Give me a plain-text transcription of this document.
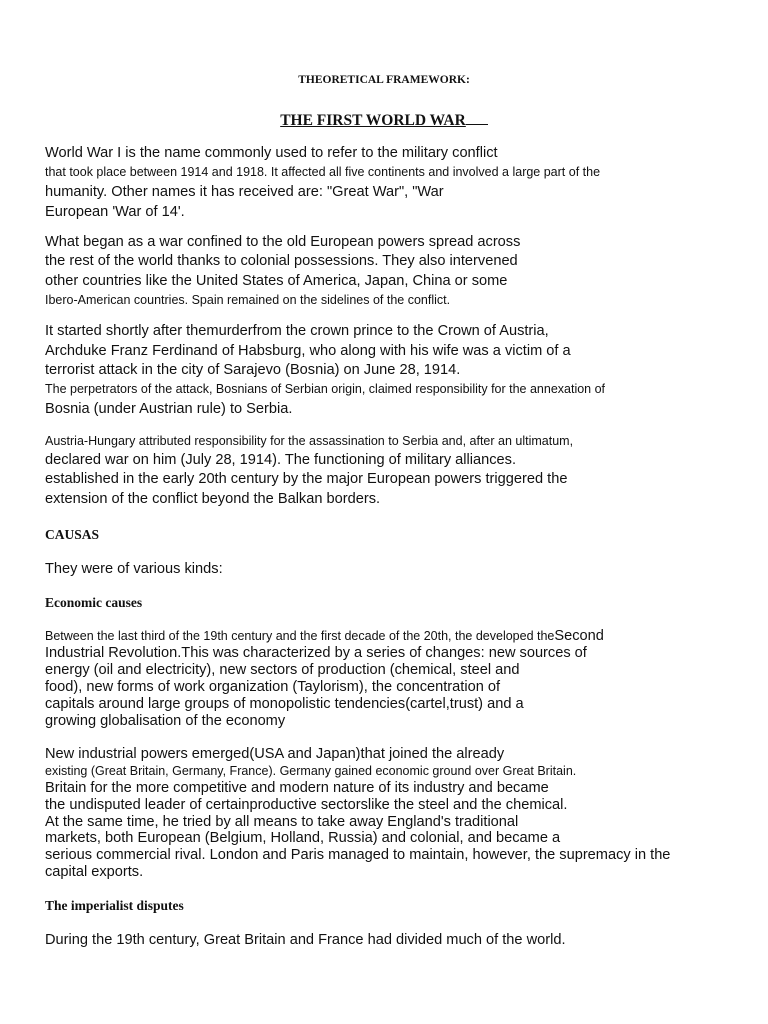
THEORETICAL FRAMEWORK:
THE FIRST WORLD WAR
World War I is the name commonly used to refer to the military conflict
that took place between 1914 and 1918. It affected all five continents and involved a large part of the
humanity. Other names it has received are: "Great War", "War
European 'War of 14'.
What began as a war confined to the old European powers spread across
the rest of the world thanks to colonial possessions. They also intervened
other countries like the United States of America, Japan, China or some
Ibero-American countries. Spain remained on the sidelines of the conflict.
It started shortly after themurderfrom the crown prince to the Crown of Austria,
Archduke Franz Ferdinand of Habsburg, who along with his wife was a victim of a
terrorist attack in the city of Sarajevo (Bosnia) on June 28, 1914.
The perpetrators of the attack, Bosnians of Serbian origin, claimed responsibility for the annexation of
Bosnia (under Austrian rule) to Serbia.
Austria-Hungary attributed responsibility for the assassination to Serbia and, after an ultimatum,
declared war on him (July 28, 1914). The functioning of military alliances.
established in the early 20th century by the major European powers triggered the
extension of the conflict beyond the Balkan borders.
CAUSAS
They were of various kinds:
Economic causes
Between the last third of the 19th century and the first decade of the 20th, the developed theSecond
Industrial Revolution.This was characterized by a series of changes: new sources of
energy (oil and electricity), new sectors of production (chemical, steel and
food), new forms of work organization (Taylorism), the concentration of
capitals around large groups of monopolistic tendencies(cartel,trust) and a
growing globalisation of the economy
New industrial powers emerged(USA and Japan)that joined the already
existing (Great Britain, Germany, France). Germany gained economic ground over Great Britain.
Britain for the more competitive and modern nature of its industry and became
the undisputed leader of certainproductive sectorslike the steel and the chemical.
At the same time, he tried by all means to take away England's traditional
markets, both European (Belgium, Holland, Russia) and colonial, and became a
serious commercial rival. London and Paris managed to maintain, however, the supremacy in the
capital exports.
The imperialist disputes
During the 19th century, Great Britain and France had divided much of the world.
